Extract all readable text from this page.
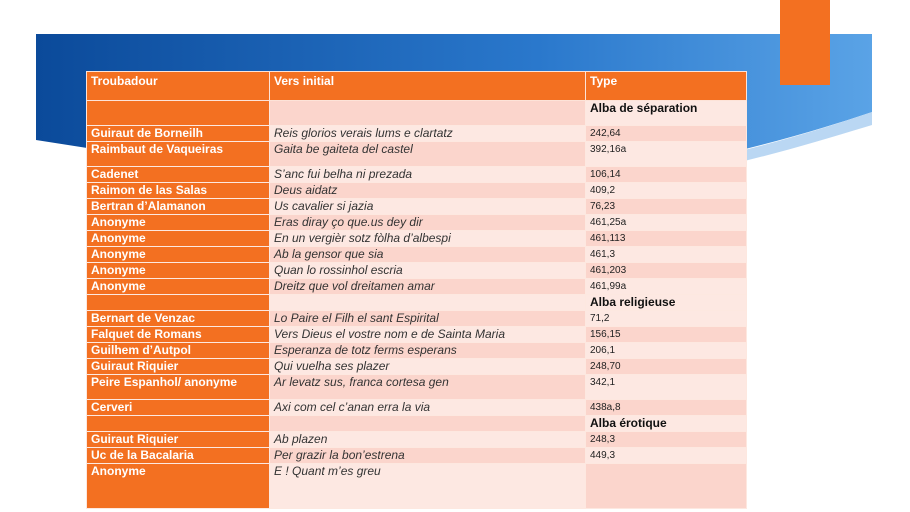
Troubadour	Vers initial	Type
		Alba de séparation
Guiraut de Borneilh	Reis glorios verais lums e clartatz	242,64
Raimbaut de Vaqueiras	Gaita be gaiteta del castel	392,16a
Cadenet	S’anc fui belha ni prezada	106,14
Raimon de las Salas	Deus aidatz	409,2
Bertran d’Alamanon	Us cavalier si jazia	76,23
Anonyme	Eras diray ço que.us dey dir	461,25a
Anonyme	En un vergièr sotz fòlha d’albespi	461,113
Anonyme	Ab la gensor que sia	461,3
Anonyme	Quan lo rossinhol escria	461,203
Anonyme	Dreitz que vol dreitamen amar	461,99a
		Alba religieuse
Bernart de Venzac	Lo Paire el Filh el sant Espirital	71,2
Falquet de Romans	Vers Dieus el vostre nom e de Sainta Maria	156,15
Guilhem d’Autpol	Esperanza de totz ferms esperans	206,1
Guiraut Riquier	Qui vuelha ses plazer	248,70
Peire Espanhol/ anonyme	Ar levatz sus, franca cortesa gen	342,1
Cerveri	Axi com cel c’anan erra la via	438a,8
		Alba érotique
Guiraut Riquier	Ab plazen	248,3
Uc de la Bacalaria	Per grazir la bon’estrena	449,3
Anonyme	E ! Quant m’es greu	
